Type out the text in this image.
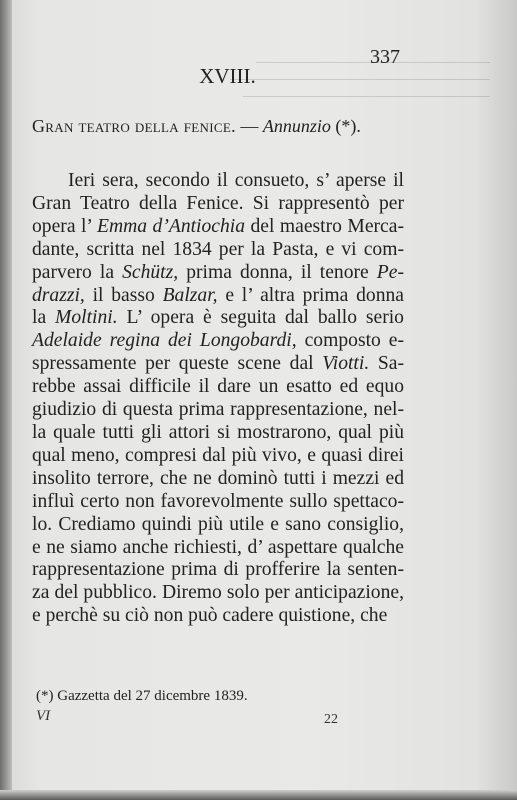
337
XVIII.
Gran teatro della fenice. — Annunzio (*).
Ieri sera, secondo il consueto, s’ aperse il
Gran Teatro della Fenice. Si rappresentò per
opera l’ Emma d’Antiochia del maestro Merca-
dante, scritta nel 1834 per la Pasta, e vi com-
parvero la Schütz, prima donna, il tenore Pe-
drazzi, il basso Balzar, e l’ altra prima donna
la Moltini. L’ opera è seguita dal ballo serio
Adelaide regina dei Longobardi, composto e-
spressamente per queste scene dal Viotti. Sa-
rebbe assai difficile il dare un esatto ed equo
giudizio di questa prima rappresentazione, nel-
la quale tutti gli attori si mostrarono, qual più
qual meno, compresi dal più vivo, e quasi direi
insolito terrore, che ne dominò tutti i mezzi ed
influì certo non favorevolmente sullo spettaco-
lo. Crediamo quindi più utile e sano consiglio,
e ne siamo anche richiesti, d’ aspettare qualche
rappresentazione prima di profferire la senten-
za del pubblico. Diremo solo per anticipazione,
e perchè su ciò non può cadere quistione, che
(*) Gazzetta del 27 dicembre 1839.
VI	22
